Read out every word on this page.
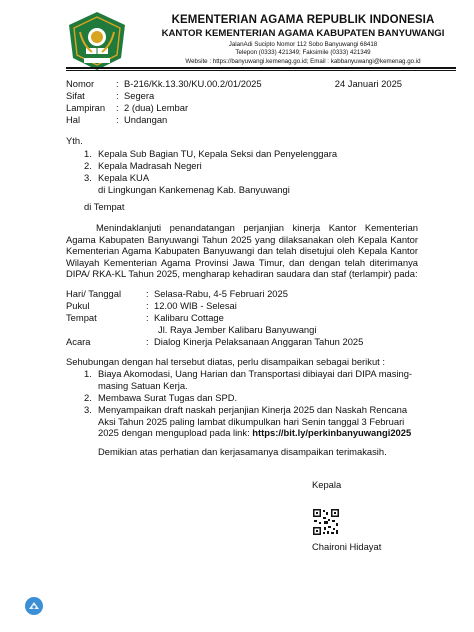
KEMENTERIAN AGAMA REPUBLIK INDONESIA
KANTOR KEMENTERIAN AGAMA KABUPATEN BANYUWANGI
JalanAdi Sucipto Nomor 112 Sobo Banyuwangi 68418
Telepon (0333) 421349; Faksimile (0333) 421349
Website : https://banyuwangi.kemenag.go.id; Email : kabbanyuwangi@kemenag.go.id
Nomor : B-216/Kk.13.30/KU.00.2/01/2025	24 Januari 2025
Sifat	: Segera
Lampiran : 2 (dua) Lembar
Hal	: Undangan
Yth.
1. Kepala Sub Bagian TU, Kepala Seksi dan Penyelenggara
2. Kepala Madrasah Negeri
3. Kepala KUA
di Lingkungan Kankemenag Kab. Banyuwangi
di Tempat
Menindaklanjuti penandatangan perjanjian kinerja Kantor Kementerian Agama Kabupaten Banyuwangi Tahun 2025 yang dilaksanakan oleh Kepala Kantor Kementerian Agama Kabupaten Banyuwangi dan telah disetujui oleh Kepala Kantor Wilayah Kementerian Agama Provinsi Jawa Timur, dan dengan telah diterimanya DIPA/ RKA-KL Tahun 2025, mengharap kehadiran saudara dan staf (terlampir) pada:
Hari/ Tanggal	: Selasa-Rabu, 4-5 Februari 2025
Pukul	: 12.00 WIB - Selesai
Tempat	: Kalibaru Cottage
Jl. Raya Jember Kalibaru Banyuwangi
Acara	: Dialog Kinerja Pelaksanaan Anggaran Tahun 2025
Sehubungan dengan hal tersebut diatas, perlu disampaikan sebagai berikut :
1. Biaya Akomodasi, Uang Harian dan Transportasi dibiayai dari DIPA masing-
masing Satuan Kerja.
2. Membawa Surat Tugas dan SPD.
3. Menyampaikan draft naskah perjanjian Kinerja 2025 dan Naskah Rencana
Aksi Tahun 2025 paling lambat dikumpulkan hari Senin tanggal 3 Februari
2025 dengan mengupload pada link: https://bit.ly/perkinbanyuwangi2025
Demikian atas perhatian dan kerjasamanya disampaikan terimakasih.
Kepala
Chaironi Hidayat
